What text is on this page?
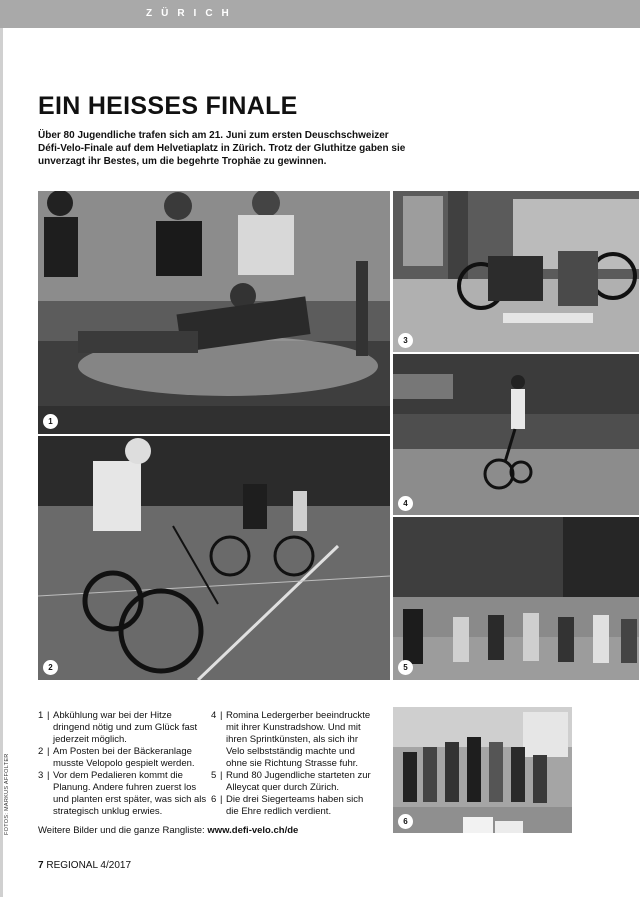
ZÜRICH
EIN HEISSES FINALE

Über 80 Jugendliche trafen sich am 21. Juni zum ersten Deuschschweizer Défi-Velo-Finale auf dem Helvetiaplatz in Zürich. Trotz der Gluthitze gaben sie unverzagt ihr Bestes, um die begehrte Trophäe zu gewinnen.

1
2
3
4
5
6
1 | Abkühlung war bei der Hitze dringend nötig und zum Glück fast jederzeit möglich.
2 | Am Posten bei der Bäckeranlage musste Velopolo gespielt werden.
3 | Vor dem Pedalieren kommt die Planung. Andere fuhren zuerst los und planten erst später, was sich als strategisch unklug erwies.
4 | Romina Ledergerber beeindruckte mit ihrer Kunstradshow. Und mit ihren Sprintkünsten, als sich ihr Velo selbstständig machte und ohne sie Richtung Strasse fuhr.
5 | Rund 80 Jugendliche starteten zur Alleycat quer durch Zürich.
6 | Die drei Siegerteams haben sich die Ehre redlich verdient.

Weitere Bilder und die ganze Rangliste: www.defi-velo.ch/de

FOTOS: MARKUS AFFOLTER
7 REGIONAL 4/2017
